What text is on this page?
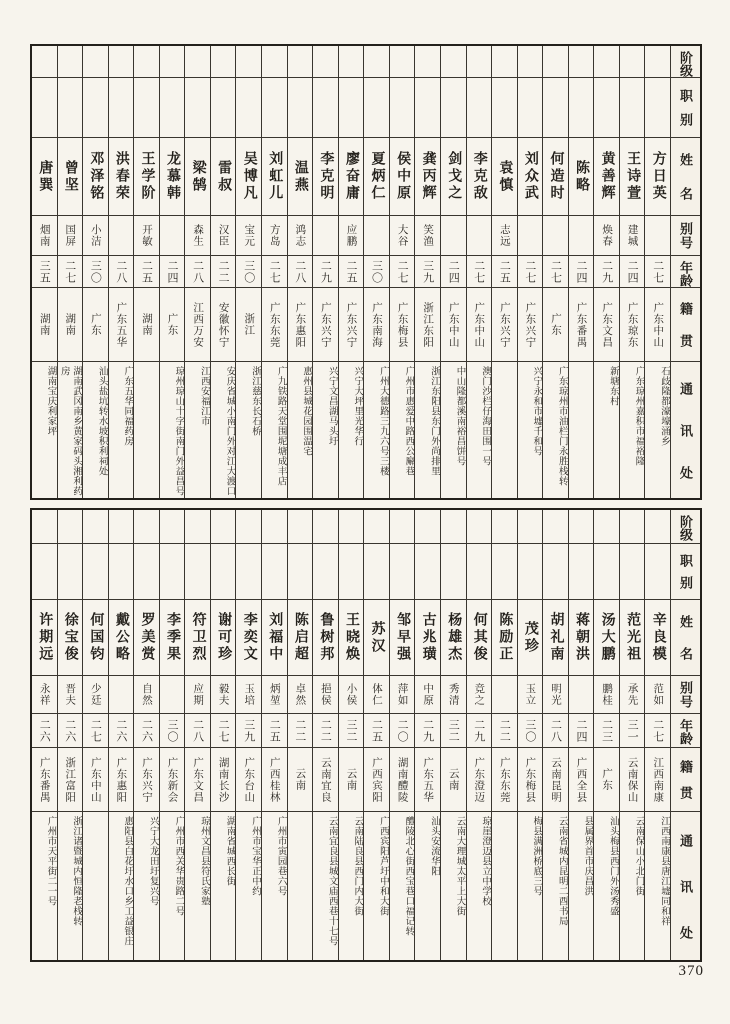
阶
级
职
别
姓
名
别
号
年
龄
籍
贯
通
讯
处
方日英
二七
广东中山
石歧隆都濠壕涌乡
王诗萱
建城
二四
广东琼东
广东琼州嘉积市福裕隆
黄善辉
焕春
二九
广东文昌
新塘东村
陈略
二四
广东番禺
何造时
二七
广东
广东琼州市油栏门永胜栈转
刘众武
二七
广东兴宁
兴宁永和市墟千和号
袁慎
志远
二五
广东兴宁
李克敌
二七
广东中山
澳门沙栏仔海田围一号
剑戈之
二四
广东中山
中山隆都溪南裕昌饼号
龚丙辉
笑渔
三九
浙江东阳
浙江东阳县东门外尚排里
侯中原
大谷
二七
广东梅县
广州市惠爱中路西公廨巷
夏炳仁
三〇
广东南海
广州大德路三九六号三楼
廖奋庸
应鹏
二五
广东兴宁
兴宁大坪里光华行
李克明
二九
广东兴宁
兴宁文昌湖马头圩
温燕
鸿志
二八
广东惠阳
惠州县城花园围温宅
刘虹儿
方岛
二七
广东东莞
广九铁路天堂围坭塘成丰店
吴博凡
宝元
三〇
浙江
浙江慈东长石桥
雷叔
汉臣
二二
安徽怀宁
安庆省城小南门外对江大渡口
梁鹄
森生
二八
江西万安
江西安福江市
龙慕韩
二四
广东
琼州琼山十字街南门外益昌号
王学阶
开敏
二五
湖南
洪春荣
二八
广东五华
广东五华同福药房
邓泽铭
小洁
三〇
广东
汕头盐坑转水坡积利祠处
曾坚
国屏
二七
湖南
湖南武冈南乡黄家码头湘利药房
唐巽
烟南
三五
湖南
湖南宝庆利家坪
阶
级
职
别
姓
名
别
号
年
龄
籍
贯
通
讯
处
辛良模
范如
二七
江西南康
江西南康县唐江墟同和祥
范光祖
承先
三一
云南保山
云南保山小北门街
汤大鹏
鹏桂
二三
广东
汕头梅县西门外汤秀盛
蒋朝洪
二四
广西全县
县属界首市庆昌洪
胡礼南
明光
二八
云南昆明
云南省城内昆明二酉书局
茂珍
玉立
三〇
广东梅县
梅县满洲桥底三号
陈励正
二二
广东东莞
何其俊
竞之
二九
广东澄迈
琼崖澄迈县立中学校
杨雄杰
秀清
三二
云南
云南大理城太平上大街
古兆璜
中原
二九
广东五华
汕头安流华阳
邹早强
萍如
二〇
湖南醴陵
醴陵北心街西宝巷口福记转
苏汉
体仁
二五
广西宾阳
广西宾阳芦圩中和大街
王晓焕
小侯
三二
云南
云南陆良县西门内大街
鲁树邦
挹侯
二二
云南宜良
云南宜良县城文庙西巷十七号
陈启超
卓然
二二
云南
刘福中
炳堃
二五
广西桂林
广州市寅园巷六号
李奕文
玉培
三九
广东台山
广州市宝华正中约
谢可珍
毅夫
二七
湖南长沙
湖南省城西长街
符卫烈
应期
二八
广东文昌
琼州文昌县符氏家塾
李季果
三〇
广东新会
广州市西关华贵路二号
罗美赏
自然
二六
广东兴宁
兴宁大龙田圩复兴号
戴公略
二六
广东惠阳
惠阳县白花圩水口乡工益银庄
何国钧
少廷
二七
广东中山
徐宝俊
晋夫
二六
浙江富阳
浙江诸暨城内恒隆老栈转
许期远
永祥
二六
广东番禺
广州市天平街二一号
370
